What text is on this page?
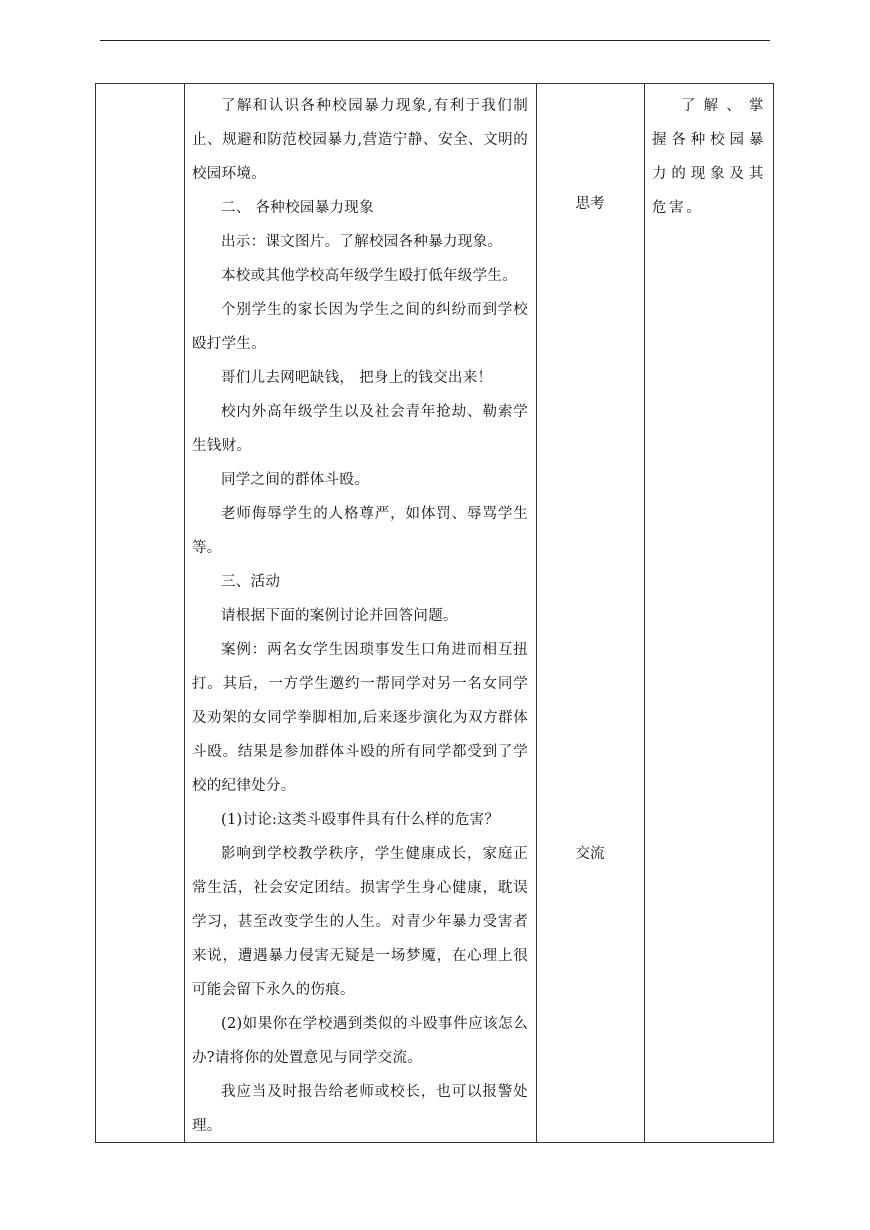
了解和认识各种校园暴力现象,有利于我们制止、规避和防范校园暴力,营造宁静、安全、文明的校园环境。

二、 各种校园暴力现象

出示：课文图片。了解校园各种暴力现象。

本校或其他学校高年级学生殴打低年级学生。

个别学生的家长因为学生之间的纠纷而到学校殴打学生。

哥们儿去网吧缺钱， 把身上的钱交出来！

校内外高年级学生以及社会青年抢劫、勒索学生钱财。

同学之间的群体斗殴。

老师侮辱学生的人格尊严，如体罚、辱骂学生等。

三、活动

请根据下面的案例讨论并回答问题。

案例：两名女学生因琐事发生口角进而相互扭打。其后，一方学生邀约一帮同学对另一名女同学及劝架的女同学拳脚相加,后来逐步演化为双方群体斗殴。结果是参加群体斗殴的所有同学都受到了学校的纪律处分。

(1)讨论:这类斗殴事件具有什么样的危害？

影响到学校教学秩序，学生健康成长，家庭正常生活，社会安定团结。损害学生身心健康，耽误学习，甚至改变学生的人生。对青少年暴力受害者来说，遭遇暴力侵害无疑是一场梦魇，在心理上很可能会留下永久的伤痕。

(2)如果你在学校遇到类似的斗殴事件应该怎么办?请将你的处置意见与同学交流。

我应当及时报告给老师或校长，也可以报警处理。

思考
交流
了解、掌握各种校园暴力的现象及其危害。
